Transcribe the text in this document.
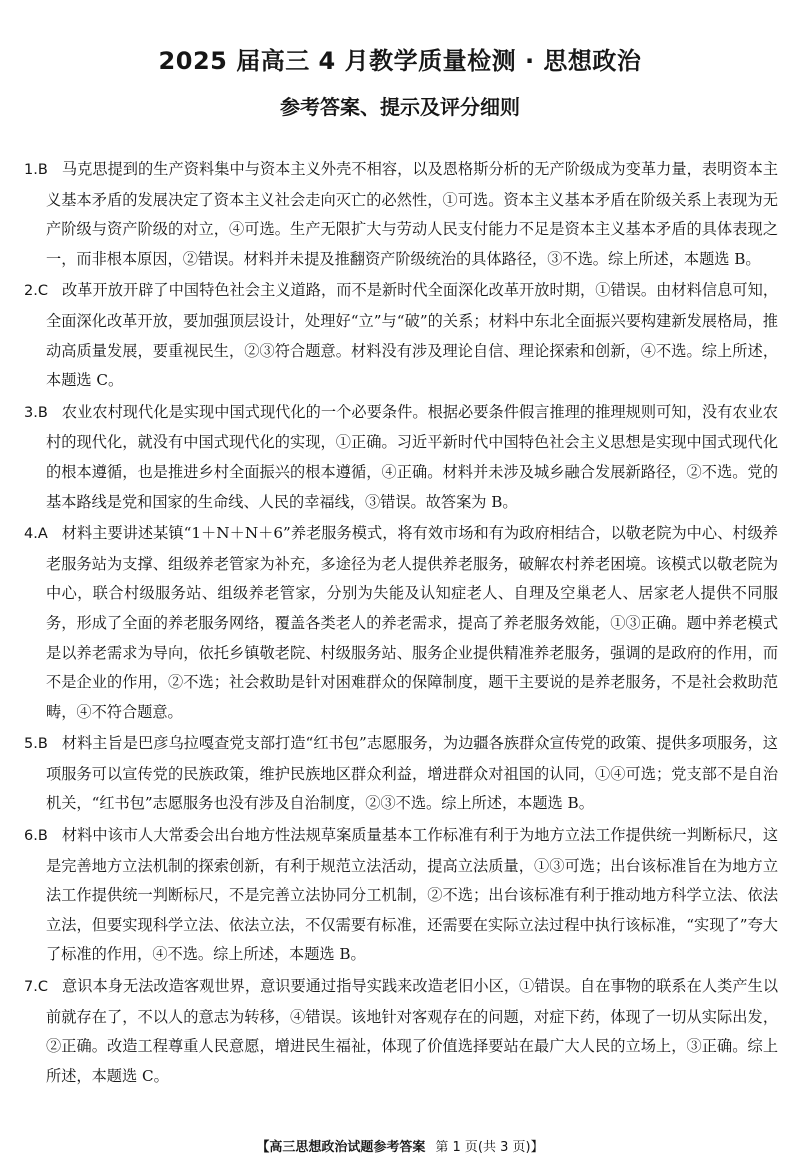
2025 届高三 4 月教学质量检测 · 思想政治
参考答案、提示及评分细则

1.B 马克思提到的生产资料集中与资本主义外壳不相容，以及恩格斯分析的无产阶级成为变革力量，表明资本主义基本矛盾的发展决定了资本主义社会走向灭亡的必然性，①可选。资本主义基本矛盾在阶级关系上表现为无产阶级与资产阶级的对立，④可选。生产无限扩大与劳动人民支付能力不足是资本主义基本矛盾的具体表现之一，而非根本原因，②错误。材料并未提及推翻资产阶级统治的具体路径，③不选。综上所述，本题选 B。

2.C 改革开放开辟了中国特色社会主义道路，而不是新时代全面深化改革开放时期，①错误。由材料信息可知，全面深化改革开放，要加强顶层设计，处理好“立”与“破”的关系；材料中东北全面振兴要构建新发展格局，推动高质量发展，要重视民生，②③符合题意。材料没有涉及理论自信、理论探索和创新，④不选。综上所述，本题选 C。

3.B 农业农村现代化是实现中国式现代化的一个必要条件。根据必要条件假言推理的推理规则可知，没有农业农村的现代化，就没有中国式现代化的实现，①正确。习近平新时代中国特色社会主义思想是实现中国式现代化的根本遵循，也是推进乡村全面振兴的根本遵循，④正确。材料并未涉及城乡融合发展新路径，②不选。党的基本路线是党和国家的生命线、人民的幸福线，③错误。故答案为 B。

4.A 材料主要讲述某镇“1＋N＋N＋6”养老服务模式，将有效市场和有为政府相结合，以敬老院为中心、村级养老服务站为支撑、组级养老管家为补充，多途径为老人提供养老服务，破解农村养老困境。该模式以敬老院为中心，联合村级服务站、组级养老管家，分别为失能及认知症老人、自理及空巢老人、居家老人提供不同服务，形成了全面的养老服务网络，覆盖各类老人的养老需求，提高了养老服务效能，①③正确。题中养老模式是以养老需求为导向，依托乡镇敬老院、村级服务站、服务企业提供精准养老服务，强调的是政府的作用，而不是企业的作用，②不选；社会救助是针对困难群众的保障制度，题干主要说的是养老服务，不是社会救助范畴，④不符合题意。

5.B 材料主旨是巴彦乌拉嘎查党支部打造“红书包”志愿服务，为边疆各族群众宣传党的政策、提供多项服务，这项服务可以宣传党的民族政策，维护民族地区群众利益，增进群众对祖国的认同，①④可选；党支部不是自治机关，“红书包”志愿服务也没有涉及自治制度，②③不选。综上所述，本题选 B。

6.B 材料中该市人大常委会出台地方性法规草案质量基本工作标准有利于为地方立法工作提供统一判断标尺，这是完善地方立法机制的探索创新，有利于规范立法活动，提高立法质量，①③可选；出台该标准旨在为地方立法工作提供统一判断标尺，不是完善立法协同分工机制，②不选；出台该标准有利于推动地方科学立法、依法立法，但要实现科学立法、依法立法，不仅需要有标准，还需要在实际立法过程中执行该标准，“实现了”夸大了标准的作用，④不选。综上所述，本题选 B。

7.C 意识本身无法改造客观世界，意识要通过指导实践来改造老旧小区，①错误。自在事物的联系在人类产生以前就存在了，不以人的意志为转移，④错误。该地针对客观存在的问题，对症下药，体现了一切从实际出发，②正确。改造工程尊重人民意愿，增进民生福祉，体现了价值选择要站在最广大人民的立场上，③正确。综上所述，本题选 C。

【高三思想政治试题参考答案 第 1 页(共 3 页)】
